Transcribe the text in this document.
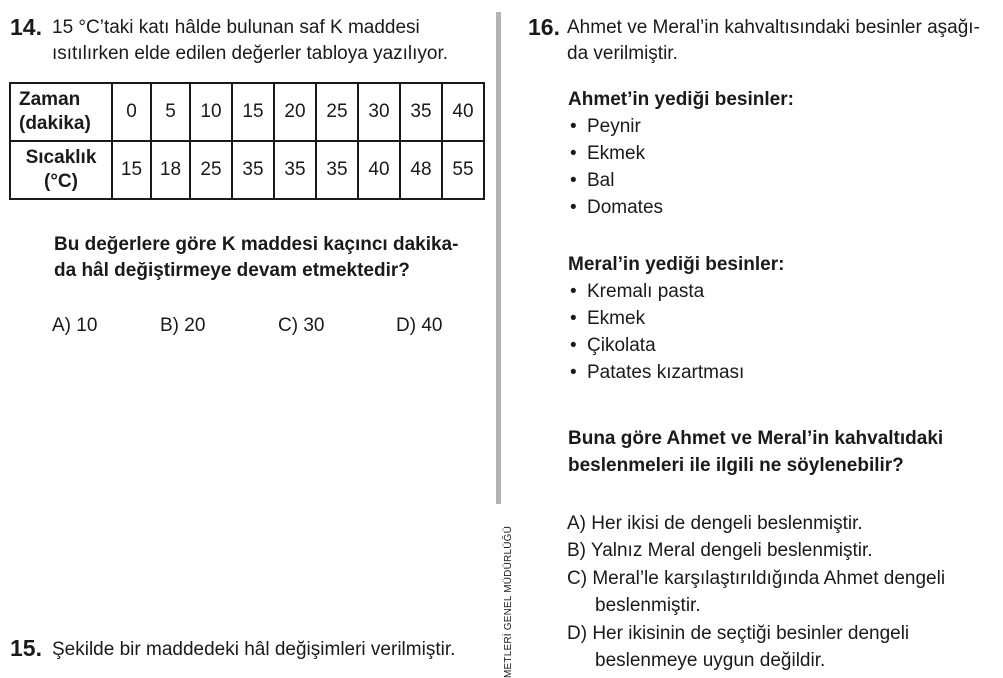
14. 15 °C’taki katı hâlde bulunan saf K maddesi
ısıtılırken elde edilen değerler tabloya yazılıyor.
Zaman
(dakika)	0	5	10	15	20	25	30	35	40
Sıcaklık
(°C)	15	18	25	35	35	35	40	48	55
Bu değerlere göre K maddesi kaçıncı dakika-
da hâl değiştirmeye devam etmektedir?
A) 10	B) 20	C) 30	D) 40
15. Şekilde bir maddedeki hâl değişimleri verilmiştir.	METLERİ GENEL MÜDÜRLÜĞÜ
16. Ahmet ve Meral’in kahvaltısındaki besinler aşağı-
da verilmiştir.
Ahmet’in yediği besinler:
• Peynir
• Ekmek
• Bal
• Domates
Meral’in yediği besinler:
• Kremalı pasta
• Ekmek
• Çikolata
• Patates kızartması
Buna göre Ahmet ve Meral’in kahvaltıdaki
beslenmeleri ile ilgili ne söylenebilir?
A) Her ikisi de dengeli beslenmiştir.
B) Yalnız Meral dengeli beslenmiştir.
C) Meral’le karşılaştırıldığında Ahmet dengeli
beslenmiştir.
D) Her ikisinin de seçtiği besinler dengeli
beslenmeye uygun değildir.
